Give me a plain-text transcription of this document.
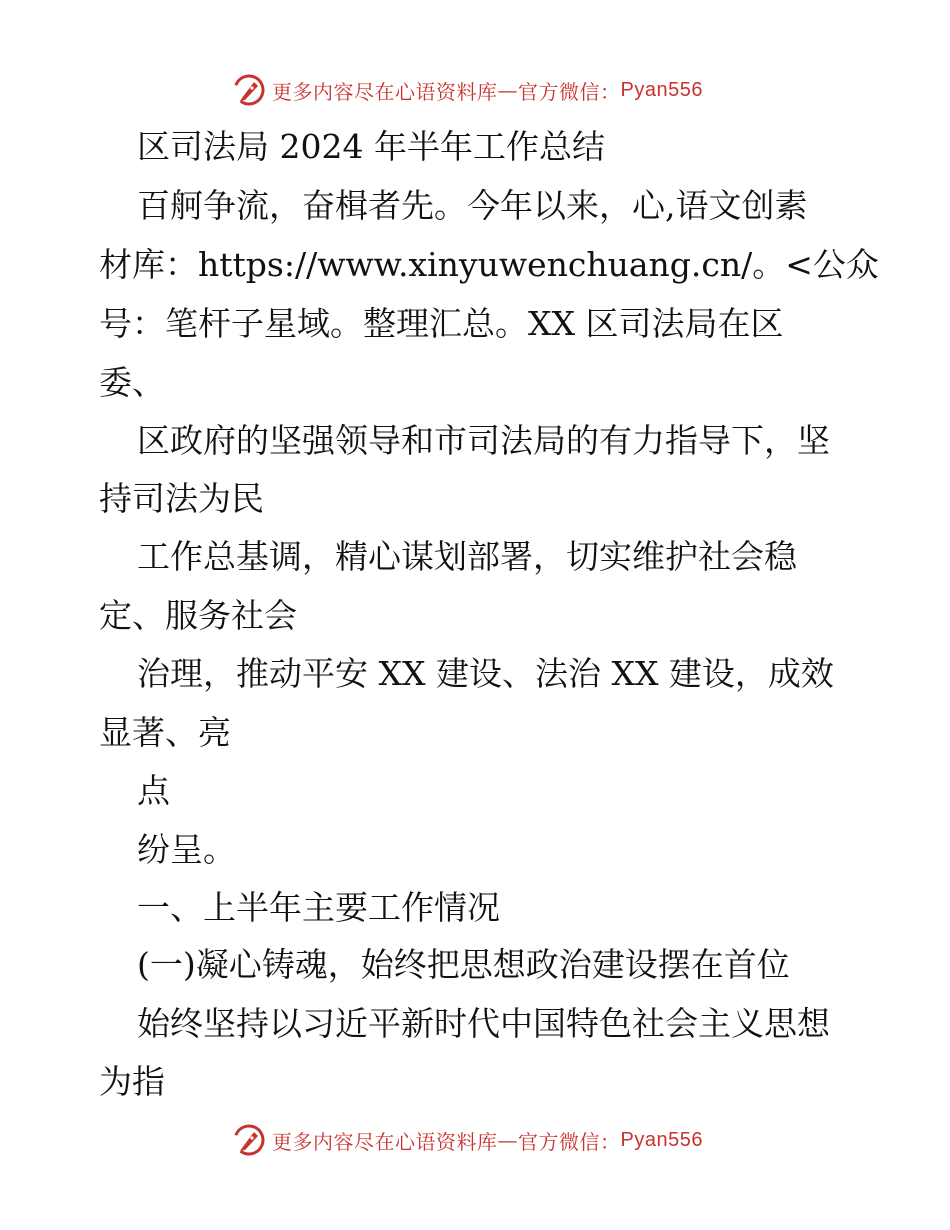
更多内容尽在心语资料库 — 官方微信： Pyan556
区司法局 2024 年半年工作总结
百舸争流，奋楫者先。今年以来，心,语文创素
材库：https://www.xinyuwenchuang.cn/。<公众
号：笔杆子星域。整理汇总。XX 区司法局在区
委、
区政府的坚强领导和市司法局的有力指导下，坚
持司法为民
工作总基调，精心谋划部署，切实维护社会稳
定、服务社会
治理，推动平安 XX 建设、法治 XX 建设，成效
显著、亮
点
纷呈。
一、上半年主要工作情况
(一)凝心铸魂，始终把思想政治建设摆在首位
始终坚持以习近平新时代中国特色社会主义思想
为指
更多内容尽在心语资料库 — 官方微信： Pyan556
